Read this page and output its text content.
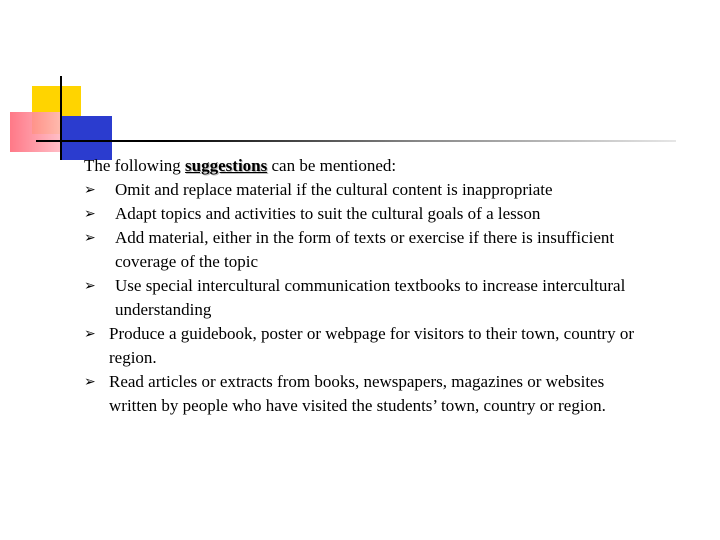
The following suggestions can be mentioned:

➢ Omit and replace material if the cultural content is inappropriate
➢ Adapt topics and activities to suit the cultural goals of a lesson
➢ Add material, either in the form of texts or exercise if there is insufficient coverage of the topic
➢ Use special intercultural communication textbooks to increase intercultural understanding
➢ Produce a guidebook, poster or webpage for visitors to their town, country or region.
➢ Read articles or extracts from books, newspapers, magazines or websites written by people who have visited the students’ town, country or region.
